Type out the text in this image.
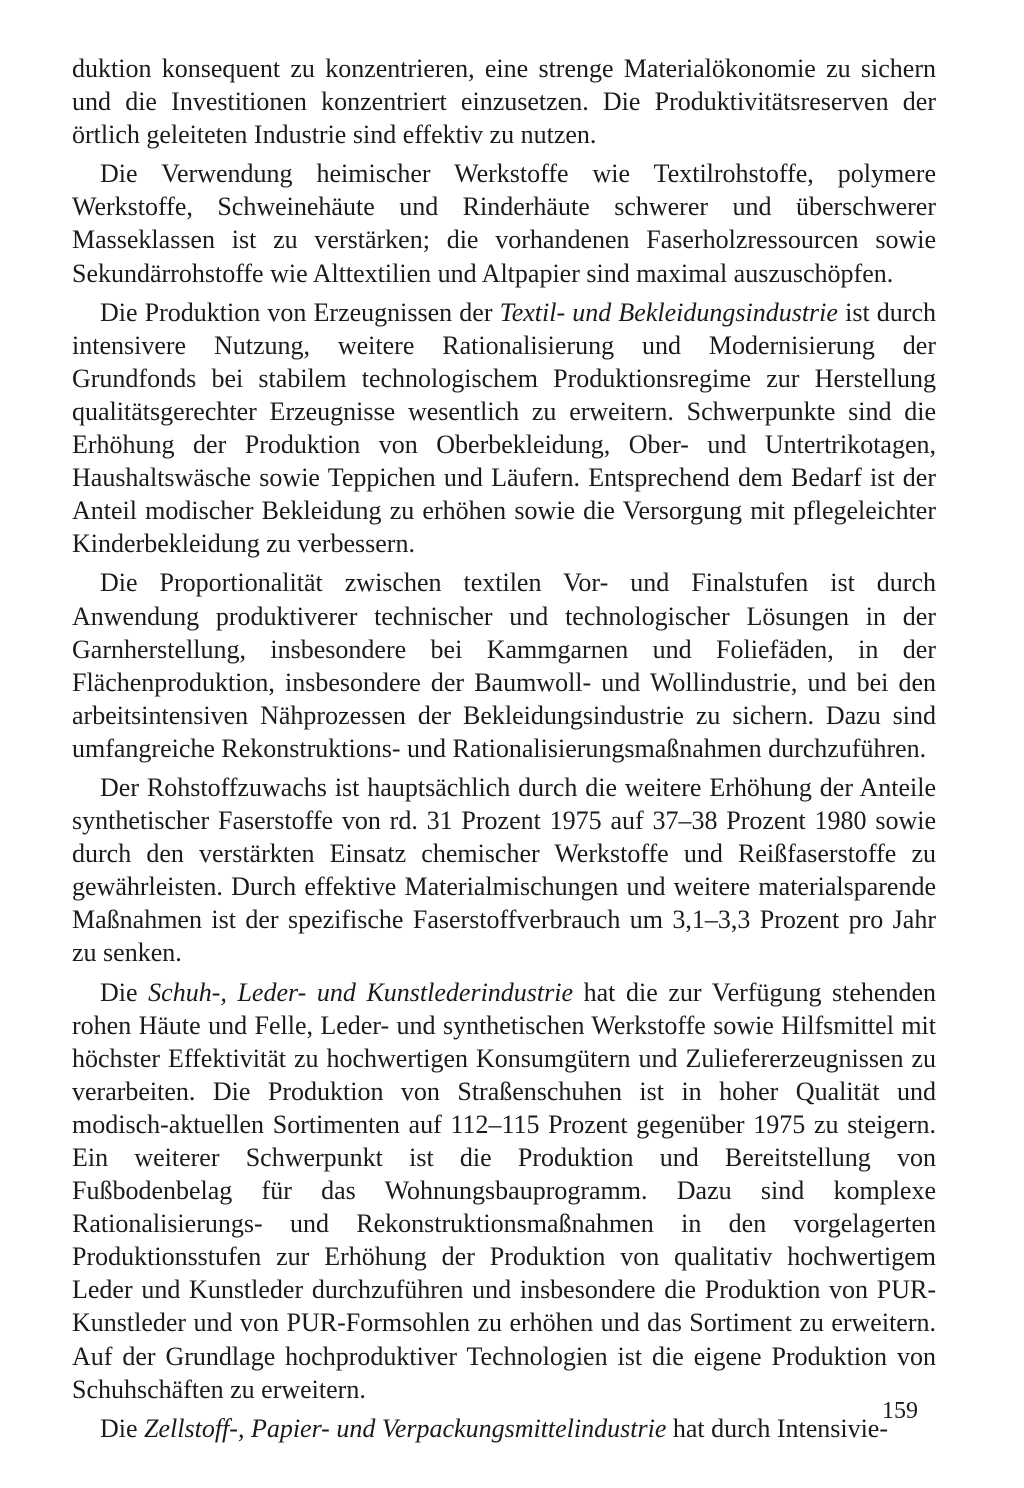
duktion konsequent zu konzentrieren, eine strenge Materialökonomie zu sichern und die Investitionen konzentriert einzusetzen. Die Produktivitätsreserven der örtlich geleiteten Industrie sind effektiv zu nutzen.

Die Verwendung heimischer Werkstoffe wie Textilrohstoffe, polymere Werkstoffe, Schweinehäute und Rinderhäute schwerer und überschwerer Masseklassen ist zu verstärken; die vorhandenen Faserholzressourcen sowie Sekundärrohstoffe wie Alttextilien und Altpapier sind maximal auszuschöpfen.

Die Produktion von Erzeugnissen der Textil- und Bekleidungsindustrie ist durch intensivere Nutzung, weitere Rationalisierung und Modernisierung der Grundfonds bei stabilem technologischem Produktionsregime zur Herstellung qualitätsgerechter Erzeugnisse wesentlich zu erweitern. Schwerpunkte sind die Erhöhung der Produktion von Oberbekleidung, Ober- und Untertrikotagen, Haushaltswäsche sowie Teppichen und Läufern. Entsprechend dem Bedarf ist der Anteil modischer Bekleidung zu erhöhen sowie die Versorgung mit pflegeleichter Kinderbekleidung zu verbessern.

Die Proportionalität zwischen textilen Vor- und Finalstufen ist durch Anwendung produktiverer technischer und technologischer Lösungen in der Garnherstellung, insbesondere bei Kammgarnen und Foliefäden, in der Flächenproduktion, insbesondere der Baumwoll- und Wollindustrie, und bei den arbeitsintensiven Nähprozessen der Bekleidungsindustrie zu sichern. Dazu sind umfangreiche Rekonstruktions- und Rationalisierungsmaßnahmen durchzuführen.

Der Rohstoffzuwachs ist hauptsächlich durch die weitere Erhöhung der Anteile synthetischer Faserstoffe von rd. 31 Prozent 1975 auf 37–38 Prozent 1980 sowie durch den verstärkten Einsatz chemischer Werkstoffe und Reißfaserstoffe zu gewährleisten. Durch effektive Materialmischungen und weitere materialsparende Maßnahmen ist der spezifische Faserstoffverbrauch um 3,1–3,3 Prozent pro Jahr zu senken.

Die Schuh-, Leder- und Kunstlederindustrie hat die zur Verfügung stehenden rohen Häute und Felle, Leder- und synthetischen Werkstoffe sowie Hilfsmittel mit höchster Effektivität zu hochwertigen Konsumgütern und Zuliefererzeugnissen zu verarbeiten. Die Produktion von Straßenschuhen ist in hoher Qualität und modisch-aktuellen Sortimenten auf 112–115 Prozent gegenüber 1975 zu steigern. Ein weiterer Schwerpunkt ist die Produktion und Bereitstellung von Fußbodenbelag für das Wohnungsbauprogramm. Dazu sind komplexe Rationalisierungs- und Rekonstruktionsmaßnahmen in den vorgelagerten Produktionsstufen zur Erhöhung der Produktion von qualitativ hochwertigem Leder und Kunstleder durchzuführen und insbesondere die Produktion von PUR-Kunstleder und von PUR-Formsohlen zu erhöhen und das Sortiment zu erweitern. Auf der Grundlage hochproduktiver Technologien ist die eigene Produktion von Schuhschäften zu erweitern.

Die Zellstoff-, Papier- und Verpackungsmittelindustrie hat durch Intensivie-

159
